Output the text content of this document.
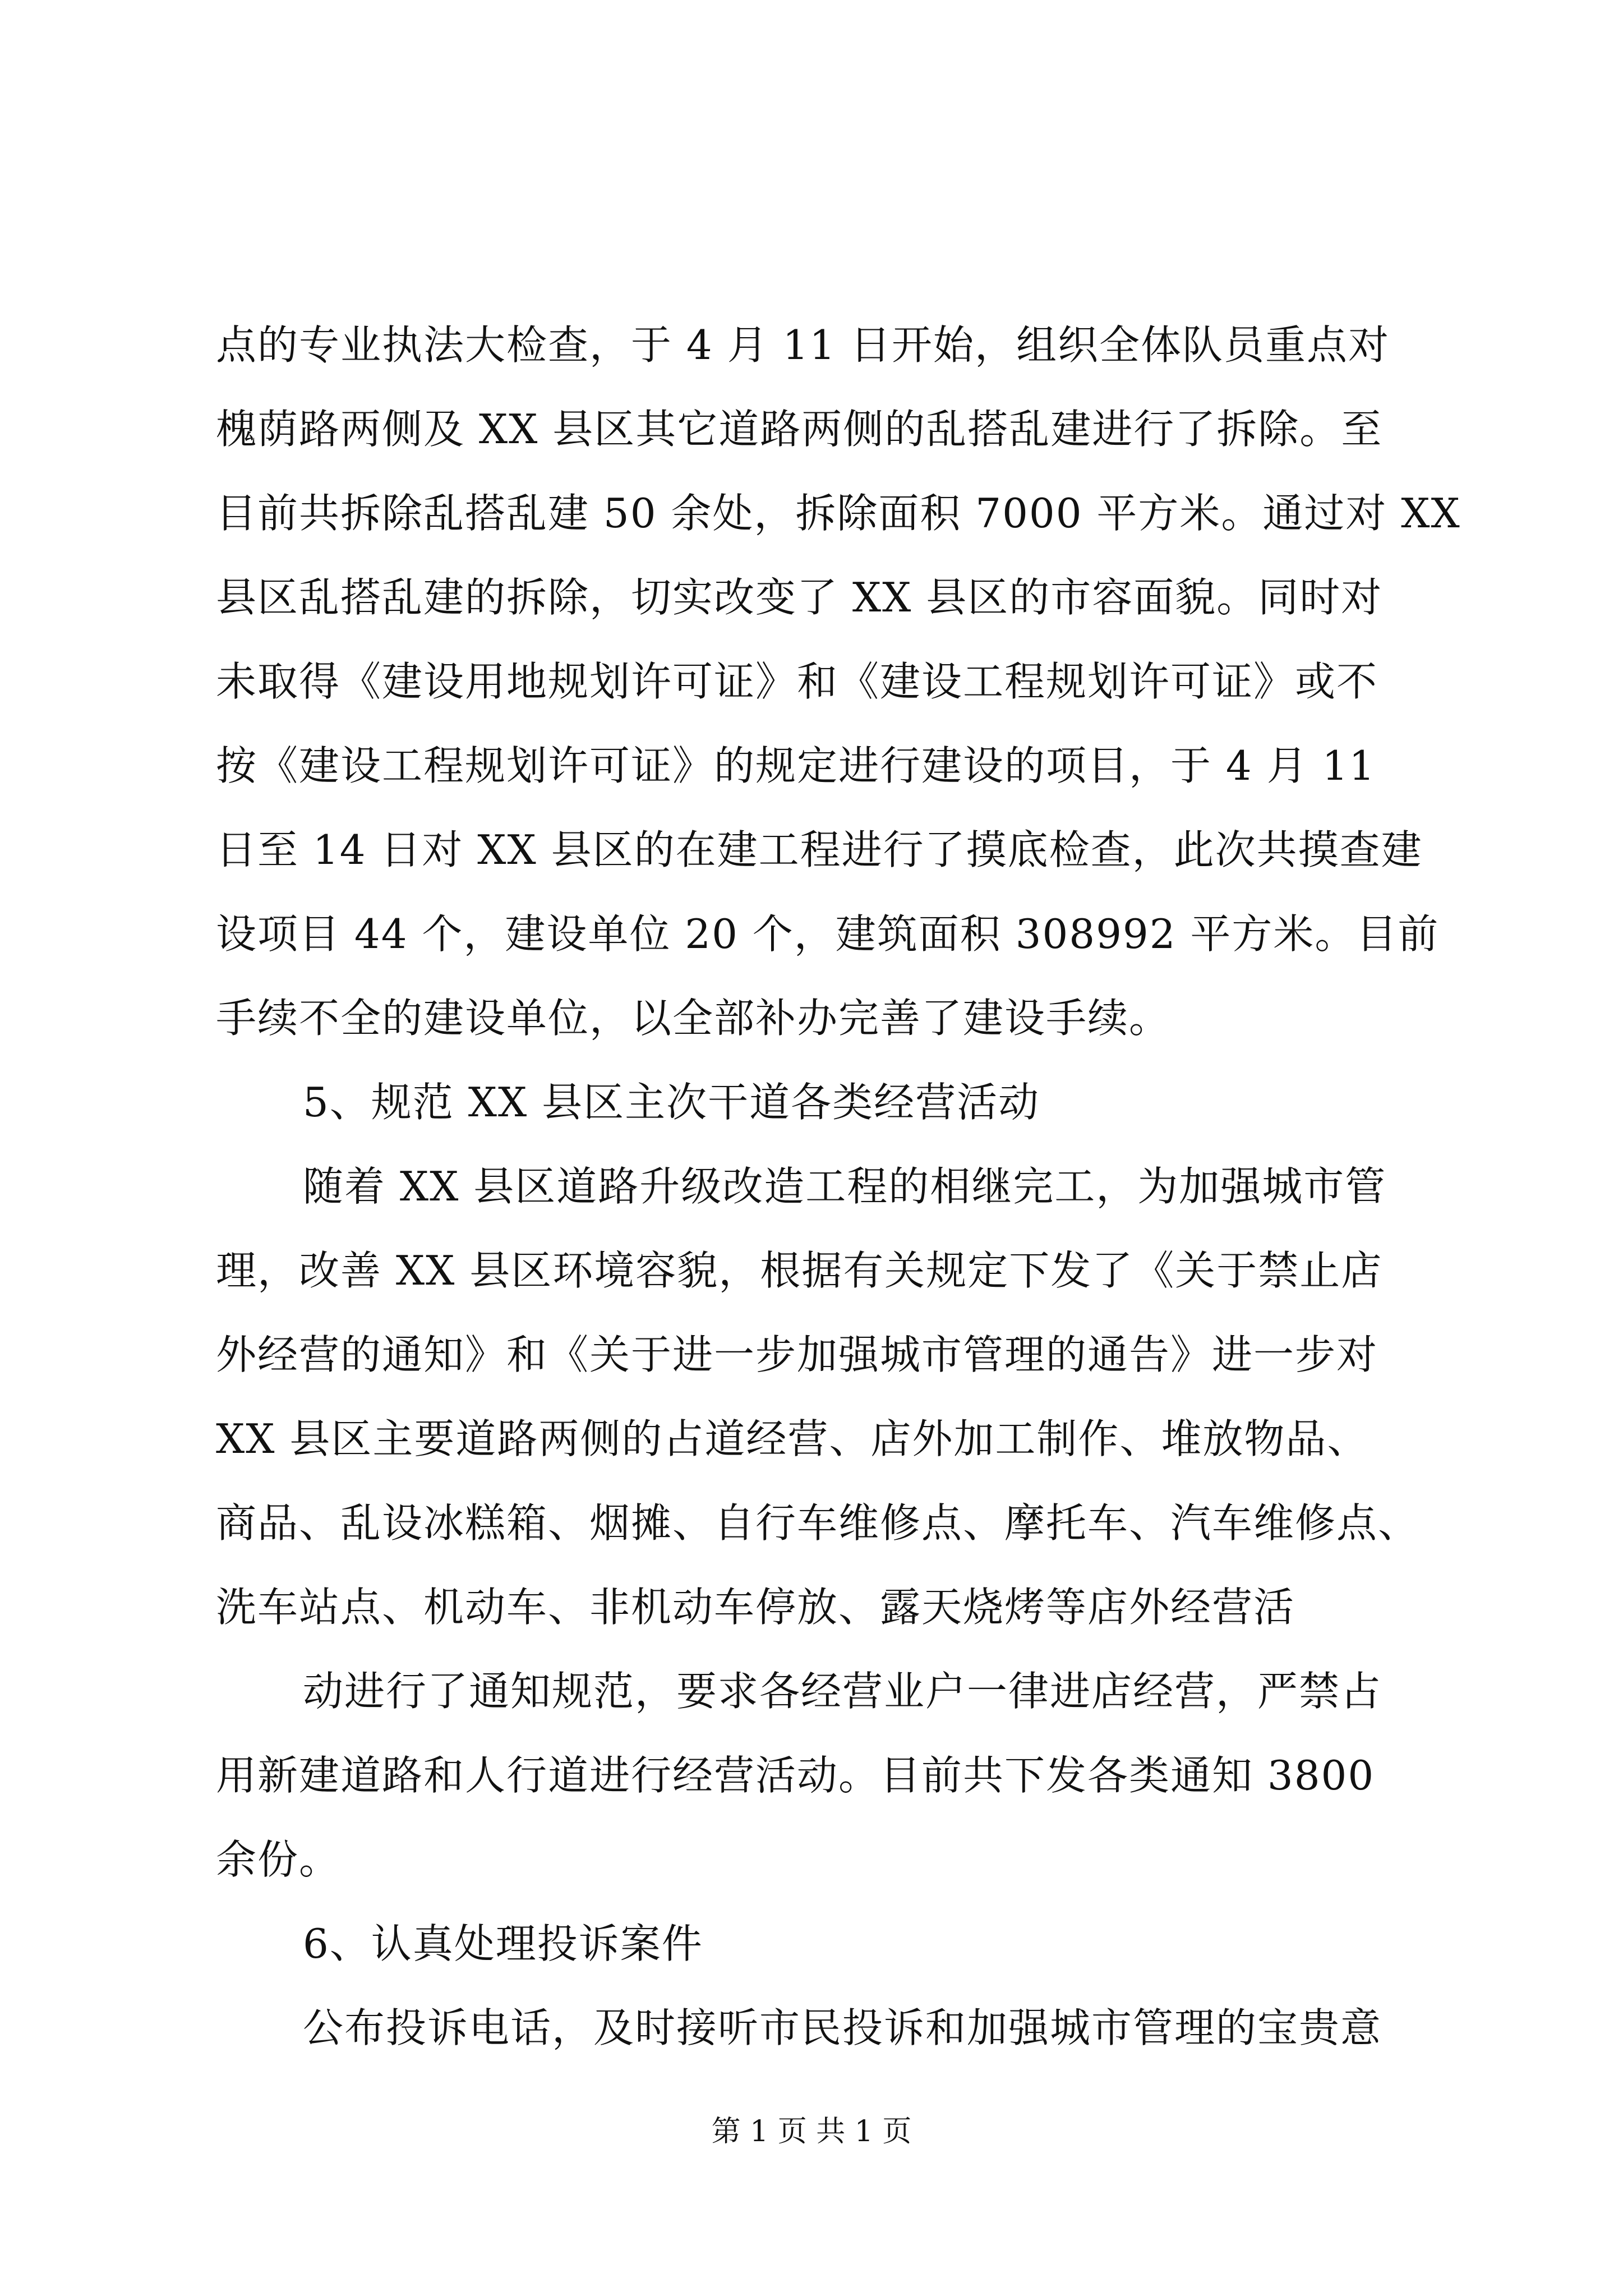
点的专业执法大检查，于 4 月 11 日开始，组织全体队员重点对
槐荫路两侧及 XX 县区其它道路两侧的乱搭乱建进行了拆除。至
目前共拆除乱搭乱建 50 余处，拆除面积 7000 平方米。通过对 XX
县区乱搭乱建的拆除，切实改变了 XX 县区的市容面貌。同时对
未取得《建设用地规划许可证》和《建设工程规划许可证》或不
按《建设工程规划许可证》的规定进行建设的项目，于 4 月 11
日至 14 日对 XX 县区的在建工程进行了摸底检查，此次共摸查建
设项目 44 个，建设单位 20 个，建筑面积 308992 平方米。目前
手续不全的建设单位，以全部补办完善了建设手续。
5、规范 XX 县区主次干道各类经营活动
随着 XX 县区道路升级改造工程的相继完工，为加强城市管
理，改善 XX 县区环境容貌，根据有关规定下发了《关于禁止店
外经营的通知》和《关于进一步加强城市管理的通告》进一步对
XX 县区主要道路两侧的占道经营、店外加工制作、堆放物品、
商品、乱设冰糕箱、烟摊、自行车维修点、摩托车、汽车维修点、
洗车站点、机动车、非机动车停放、露天烧烤等店外经营活
动进行了通知规范，要求各经营业户一律进店经营，严禁占
用新建道路和人行道进行经营活动。目前共下发各类通知 3800
余份。
6、认真处理投诉案件
公布投诉电话，及时接听市民投诉和加强城市管理的宝贵意
第 1 页 共 1 页
